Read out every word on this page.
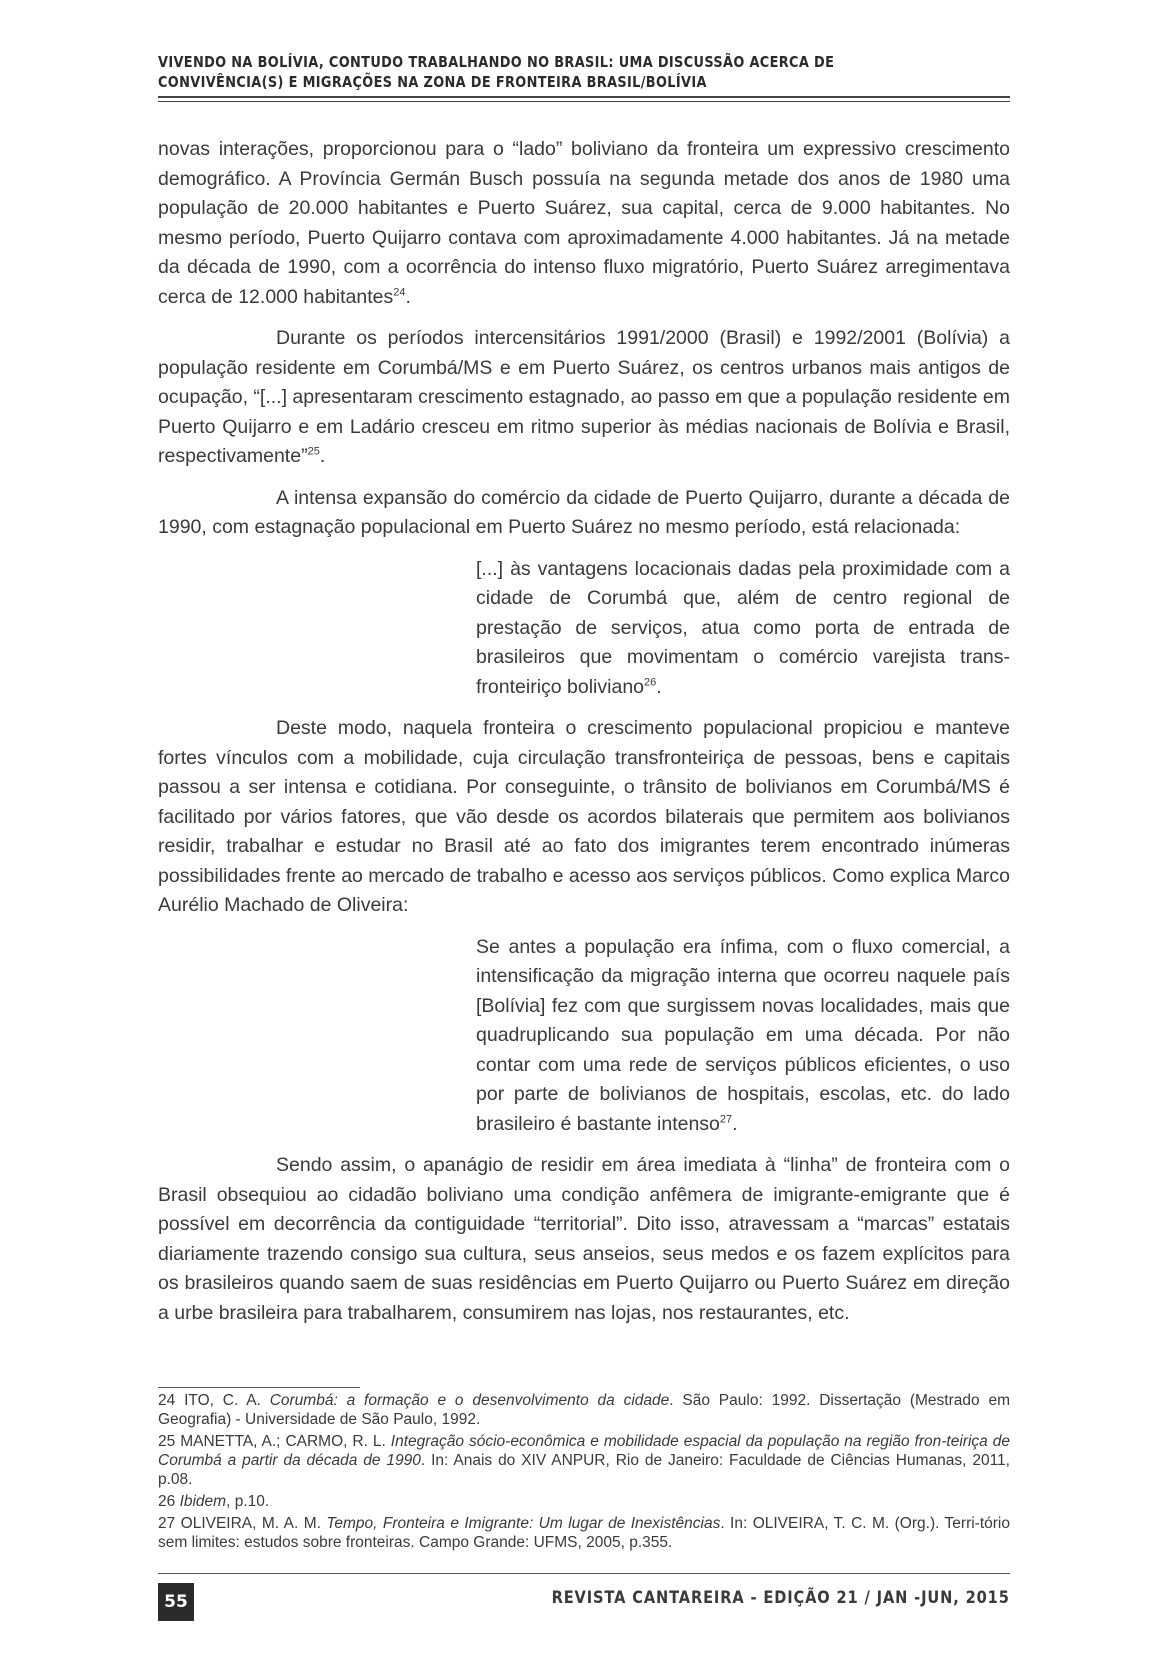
VIVENDO NA BOLÍVIA, CONTUDO TRABALHANDO NO BRASIL: UMA DISCUSSÃO ACERCA DE
CONVIVÊNCIA(S) E MIGRAÇÕES NA ZONA DE FRONTEIRA BRASIL/BOLÍVIA

novas interações, proporcionou para o “lado” boliviano da fronteira um expressivo crescimento demográfico. A Província Germán Busch possuía na segunda metade dos anos de 1980 uma população de 20.000 habitantes e Puerto Suárez, sua capital, cerca de 9.000 habitantes. No mesmo período, Puerto Quijarro contava com aproximadamente 4.000 habitantes. Já na metade da década de 1990, com a ocorrência do intenso fluxo migratório, Puerto Suárez arregimentava cerca de 12.000 habitantes$^{24}$.

Durante os períodos intercensitários 1991/2000 (Brasil) e 1992/2001 (Bolívia) a população residente em Corumbá/MS e em Puerto Suárez, os centros urbanos mais antigos de ocupação, “[...] apresentaram crescimento estagnado, ao passo em que a população residente em Puerto Quijarro e em Ladário cresceu em ritmo superior às médias nacionais de Bolívia e Brasil, respectivamente”$^{25}$.

A intensa expansão do comércio da cidade de Puerto Quijarro, durante a década de 1990, com estagnação populacional em Puerto Suárez no mesmo período, está relacionada:

[...] às vantagens locacionais dadas pela proximidade com a cidade de Corumbá que, além de centro regional de prestação de serviços, atua como porta de entrada de brasileiros que movimentam o comércio varejista trans-fronteiriço boliviano$^{26}$.

Deste modo, naquela fronteira o crescimento populacional propiciou e manteve fortes vínculos com a mobilidade, cuja circulação transfronteiriça de pessoas, bens e capitais passou a ser intensa e cotidiana. Por conseguinte, o trânsito de bolivianos em Corumbá/MS é facilitado por vários fatores, que vão desde os acordos bilaterais que permitem aos bolivianos residir, trabalhar e estudar no Brasil até ao fato dos imigrantes terem encontrado inúmeras possibilidades frente ao mercado de trabalho e acesso aos serviços públicos. Como explica Marco Aurélio Machado de Oliveira:

Se antes a população era ínfima, com o fluxo comercial, a intensificação da migração interna que ocorreu naquele país [Bolívia] fez com que surgissem novas localidades, mais que quadruplicando sua população em uma década. Por não contar com uma rede de serviços públicos eficientes, o uso por parte de bolivianos de hospitais, escolas, etc. do lado brasileiro é bastante intenso$^{27}$.

Sendo assim, o apanágio de residir em área imediata à “linha” de fronteira com o Brasil obsequiou ao cidadão boliviano uma condição anfêmera de imigrante-emigrante que é possível em decorrência da contiguidade “territorial”. Dito isso, atravessam a “marcas” estatais diariamente trazendo consigo sua cultura, seus anseios, seus medos e os fazem explícitos para os brasileiros quando saem de suas residências em Puerto Quijarro ou Puerto Suárez em direção a urbe brasileira para trabalharem, consumirem nas lojas, nos restaurantes, etc.

24 ITO, C. A. Corumbá: a formação e o desenvolvimento da cidade. São Paulo: 1992. Dissertação (Mestrado em Geografia) - Universidade de São Paulo, 1992.

25 MANETTA, A.; CARMO, R. L. Integração sócio-econômica e mobilidade espacial da população na região fron-teiriça de Corumbá a partir da década de 1990. In: Anais do XIV ANPUR, Rio de Janeiro: Faculdade de Ciências Humanas, 2011, p.08.

26 Ibidem, p.10.

27 OLIVEIRA, M. A. M. Tempo, Fronteira e Imigrante: Um lugar de Inexistências. In: OLIVEIRA, T. C. M. (Org.). Terri-tório sem limites: estudos sobre fronteiras. Campo Grande: UFMS, 2005, p.355.

55	REVISTA CANTAREIRA - EDIÇÃO 21 / JAN -JUN, 2015
